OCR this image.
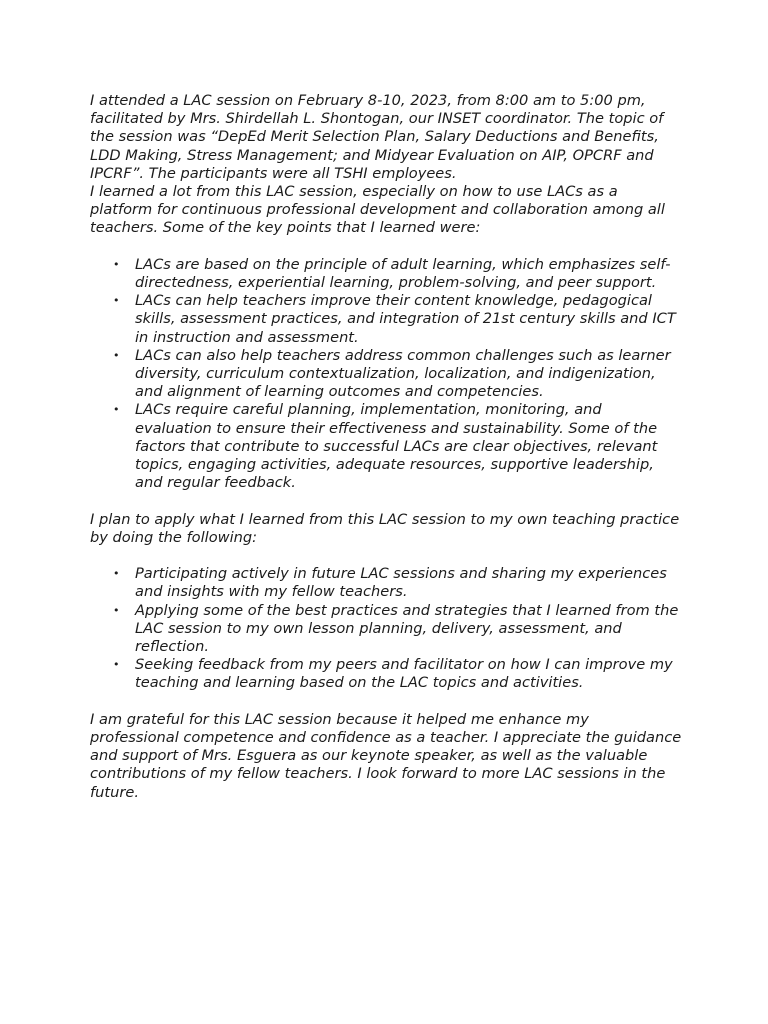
I attended a LAC session on February 8-10, 2023, from 8:00 am to 5:00 pm, facilitated by Mrs. Shirdellah L. Shontogan, our INSET coordinator. The topic of the session was “DepEd Merit Selection Plan, Salary Deductions and Benefits, LDD Making, Stress Management; and Midyear Evaluation on AIP, OPCRF and IPCRF”. The participants were all TSHI employees.

I learned a lot from this LAC session, especially on how to use LACs as a platform for continuous professional development and collaboration among all teachers. Some of the key points that I learned were:

• LACs are based on the principle of adult learning, which emphasizes self-directedness, experiential learning, problem-solving, and peer support.
• LACs can help teachers improve their content knowledge, pedagogical skills, assessment practices, and integration of 21st century skills and ICT in instruction and assessment.
• LACs can also help teachers address common challenges such as learner diversity, curriculum contextualization, localization, and indigenization, and alignment of learning outcomes and competencies.
• LACs require careful planning, implementation, monitoring, and evaluation to ensure their effectiveness and sustainability. Some of the factors that contribute to successful LACs are clear objectives, relevant topics, engaging activities, adequate resources, supportive leadership, and regular feedback.

I plan to apply what I learned from this LAC session to my own teaching practice by doing the following:

• Participating actively in future LAC sessions and sharing my experiences and insights with my fellow teachers.
• Applying some of the best practices and strategies that I learned from the LAC session to my own lesson planning, delivery, assessment, and reflection.
• Seeking feedback from my peers and facilitator on how I can improve my teaching and learning based on the LAC topics and activities.

I am grateful for this LAC session because it helped me enhance my professional competence and confidence as a teacher. I appreciate the guidance and support of Mrs. Esguera as our keynote speaker, as well as the valuable contributions of my fellow teachers. I look forward to more LAC sessions in the future.
